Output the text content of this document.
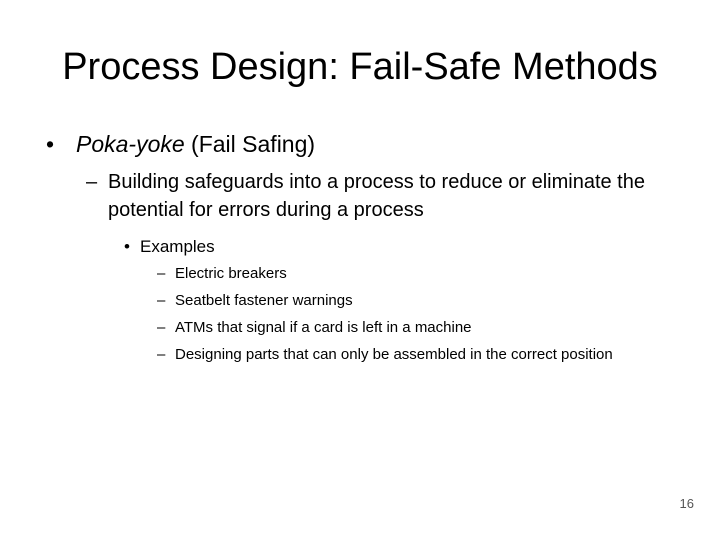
Process Design: Fail-Safe Methods
• Poka-yoke (Fail Safing)
– Building safeguards into a process to reduce or eliminate the potential for errors during a process
• Examples
– Electric breakers
– Seatbelt fastener warnings
– ATMs that signal if a card is left in a machine
– Designing parts that can only be assembled in the correct position
16
